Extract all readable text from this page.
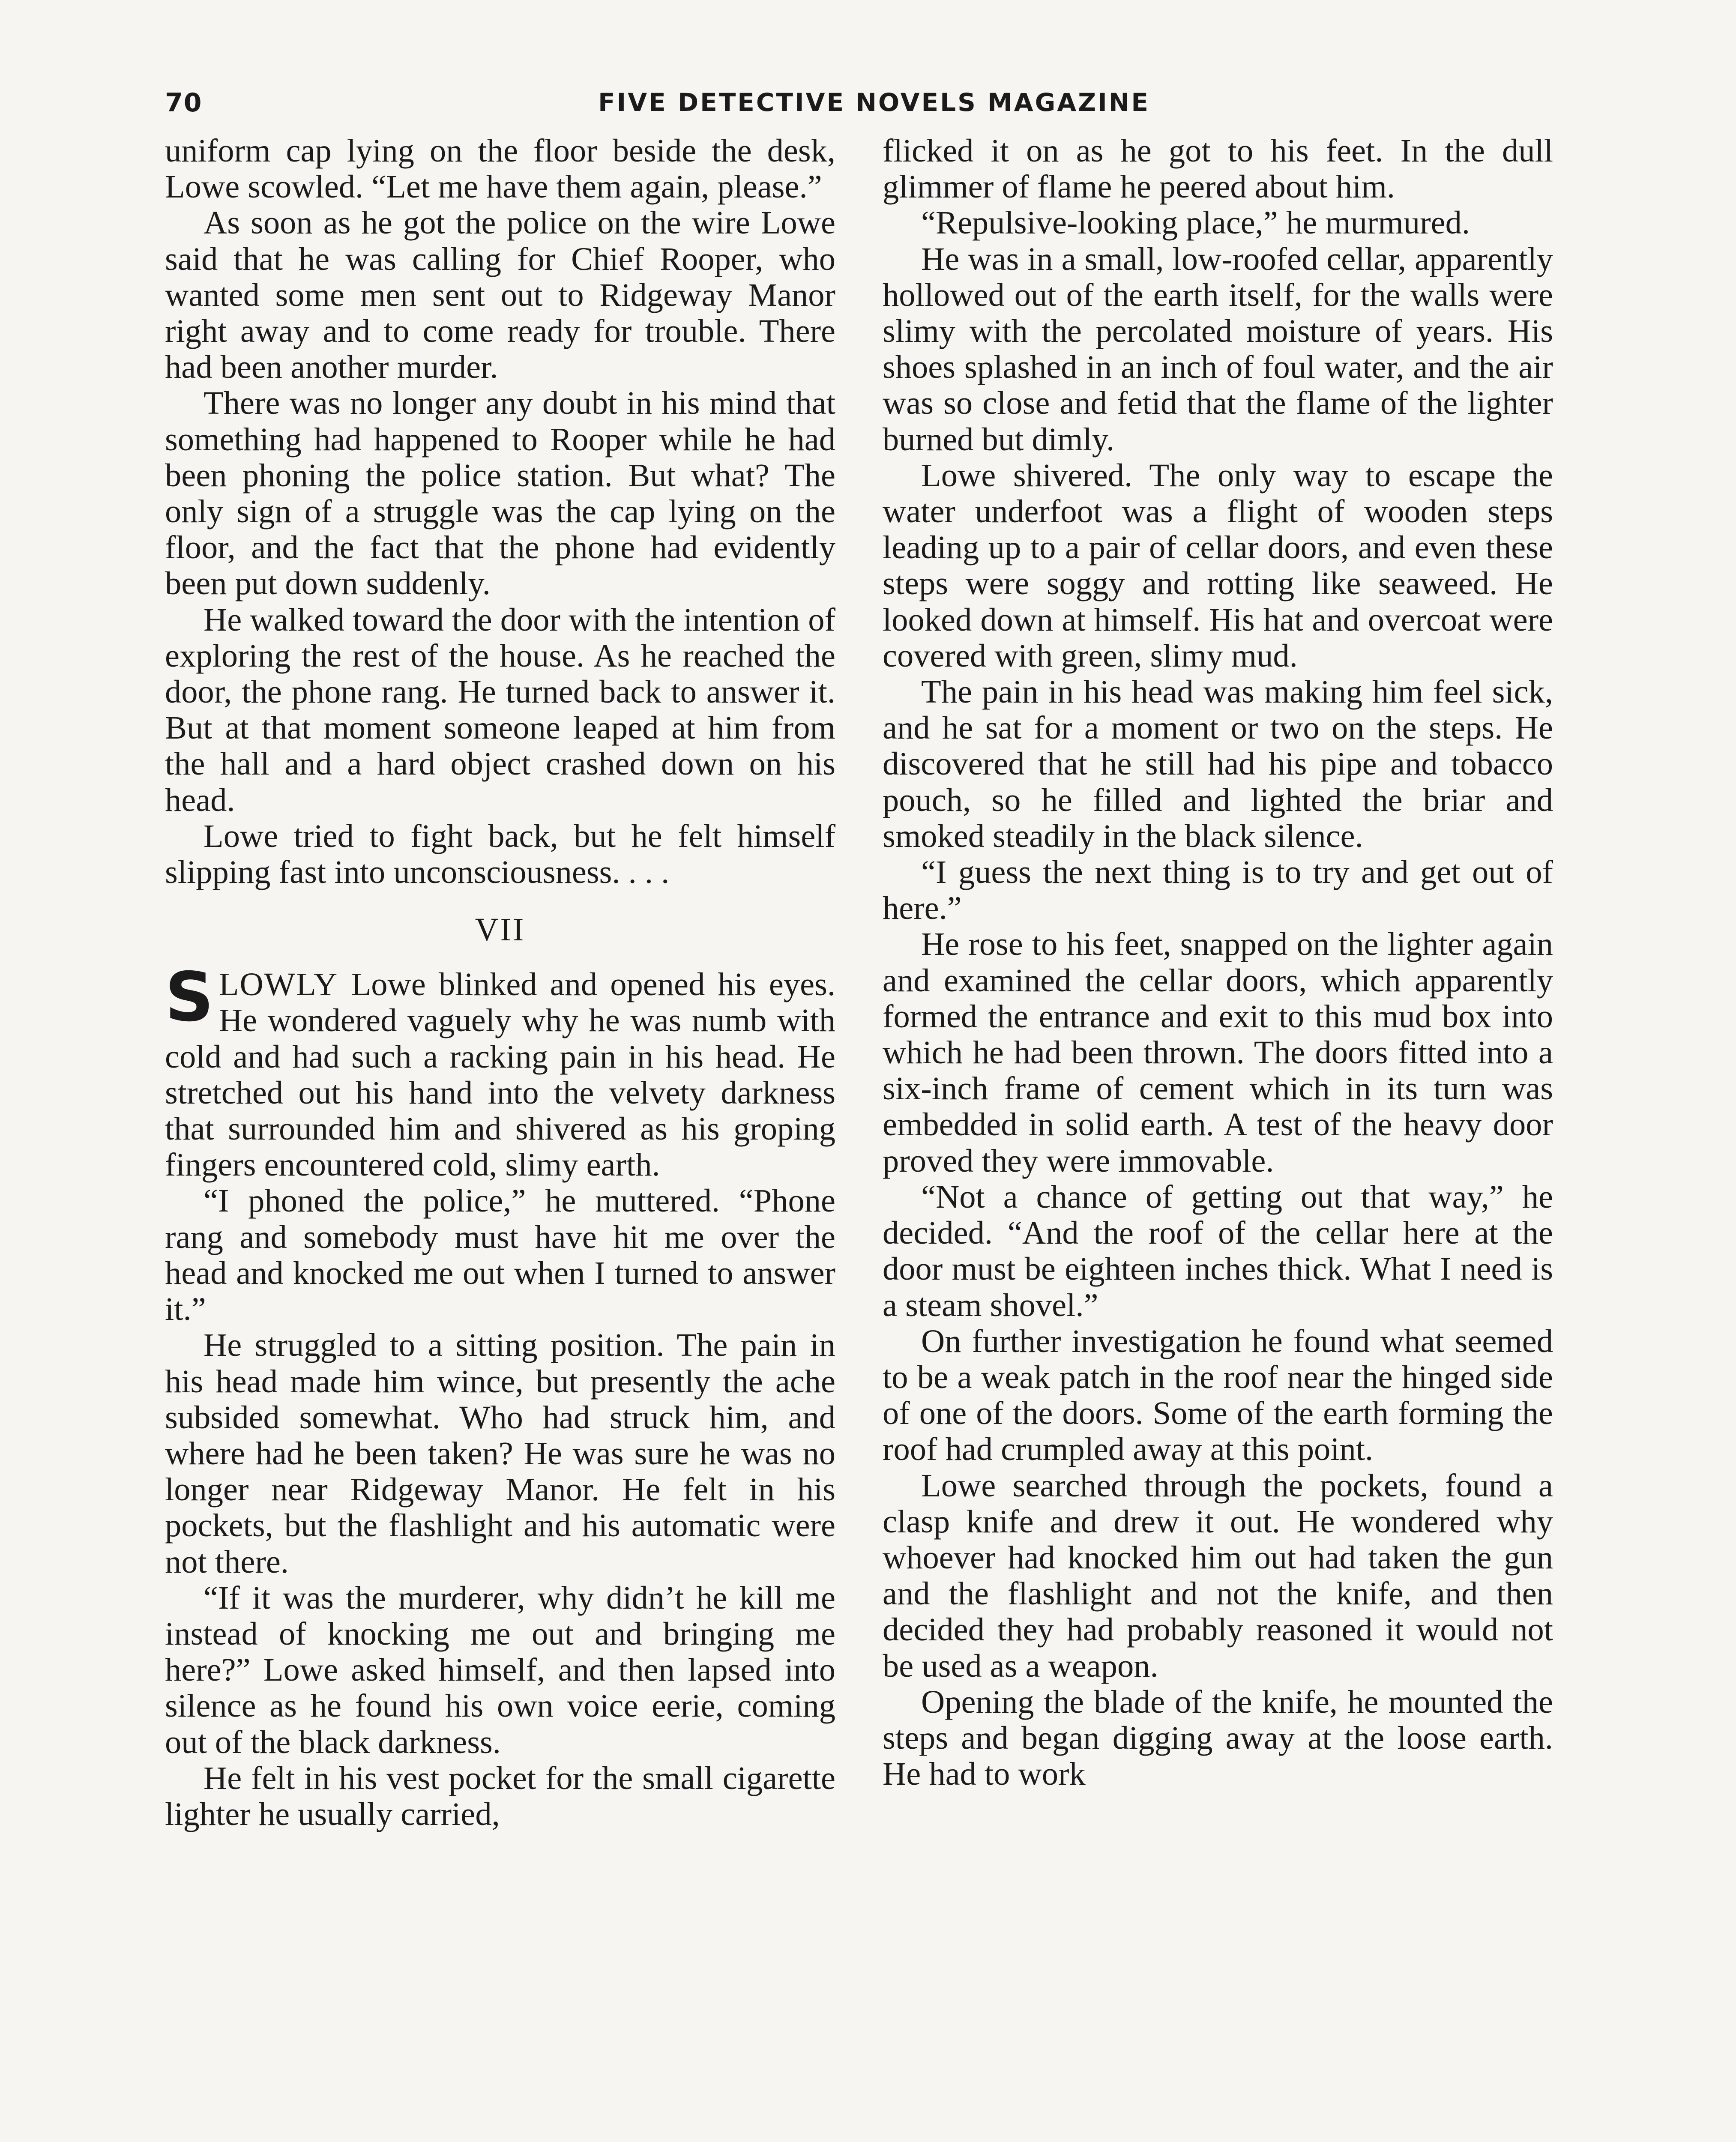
70	FIVE DETECTIVE NOVELS MAGAZINE

uniform cap lying on the floor beside the desk, Lowe scowled. “Let me have them again, please.”

As soon as he got the police on the wire Lowe said that he was calling for Chief Rooper, who wanted some men sent out to Ridgeway Manor right away and to come ready for trouble. There had been another murder.

There was no longer any doubt in his mind that something had happened to Rooper while he had been phoning the police station. But what? The only sign of a struggle was the cap lying on the floor, and the fact that the phone had evidently been put down suddenly.

He walked toward the door with the intention of exploring the rest of the house. As he reached the door, the phone rang. He turned back to answer it. But at that moment someone leaped at him from the hall and a hard object crashed down on his head.

Lowe tried to fight back, but he felt himself slipping fast into unconsciousness. . . .

VII

SLOWLY Lowe blinked and opened his eyes. He wondered vaguely why he was numb with cold and had such a racking pain in his head. He stretched out his hand into the velvety darkness that surrounded him and shivered as his groping fingers encountered cold, slimy earth.

“I phoned the police,” he muttered. “Phone rang and somebody must have hit me over the head and knocked me out when I turned to answer it.”

He struggled to a sitting position. The pain in his head made him wince, but presently the ache subsided somewhat. Who had struck him, and where had he been taken? He was sure he was no longer near Ridgeway Manor. He felt in his pockets, but the flashlight and his automatic were not there.

“If it was the murderer, why didn’t he kill me instead of knocking me out and bringing me here?” Lowe asked himself, and then lapsed into silence as he found his own voice eerie, coming out of the black darkness.

He felt in his vest pocket for the small cigarette lighter he usually carried,

flicked it on as he got to his feet. In the dull glimmer of flame he peered about him.

“Repulsive-looking place,” he murmured.

He was in a small, low-roofed cellar, apparently hollowed out of the earth itself, for the walls were slimy with the percolated moisture of years. His shoes splashed in an inch of foul water, and the air was so close and fetid that the flame of the lighter burned but dimly.

Lowe shivered. The only way to escape the water underfoot was a flight of wooden steps leading up to a pair of cellar doors, and even these steps were soggy and rotting like seaweed. He looked down at himself. His hat and overcoat were covered with green, slimy mud.

The pain in his head was making him feel sick, and he sat for a moment or two on the steps. He discovered that he still had his pipe and tobacco pouch, so he filled and lighted the briar and smoked steadily in the black silence.

“I guess the next thing is to try and get out of here.”

He rose to his feet, snapped on the lighter again and examined the cellar doors, which apparently formed the entrance and exit to this mud box into which he had been thrown. The doors fitted into a six-inch frame of cement which in its turn was embedded in solid earth. A test of the heavy door proved they were immovable.

“Not a chance of getting out that way,” he decided. “And the roof of the cellar here at the door must be eighteen inches thick. What I need is a steam shovel.”

On further investigation he found what seemed to be a weak patch in the roof near the hinged side of one of the doors. Some of the earth forming the roof had crumpled away at this point.

Lowe searched through the pockets, found a clasp knife and drew it out. He wondered why whoever had knocked him out had taken the gun and the flashlight and not the knife, and then decided they had probably reasoned it would not be used as a weapon.

Opening the blade of the knife, he mounted the steps and began digging away at the loose earth. He had to work
